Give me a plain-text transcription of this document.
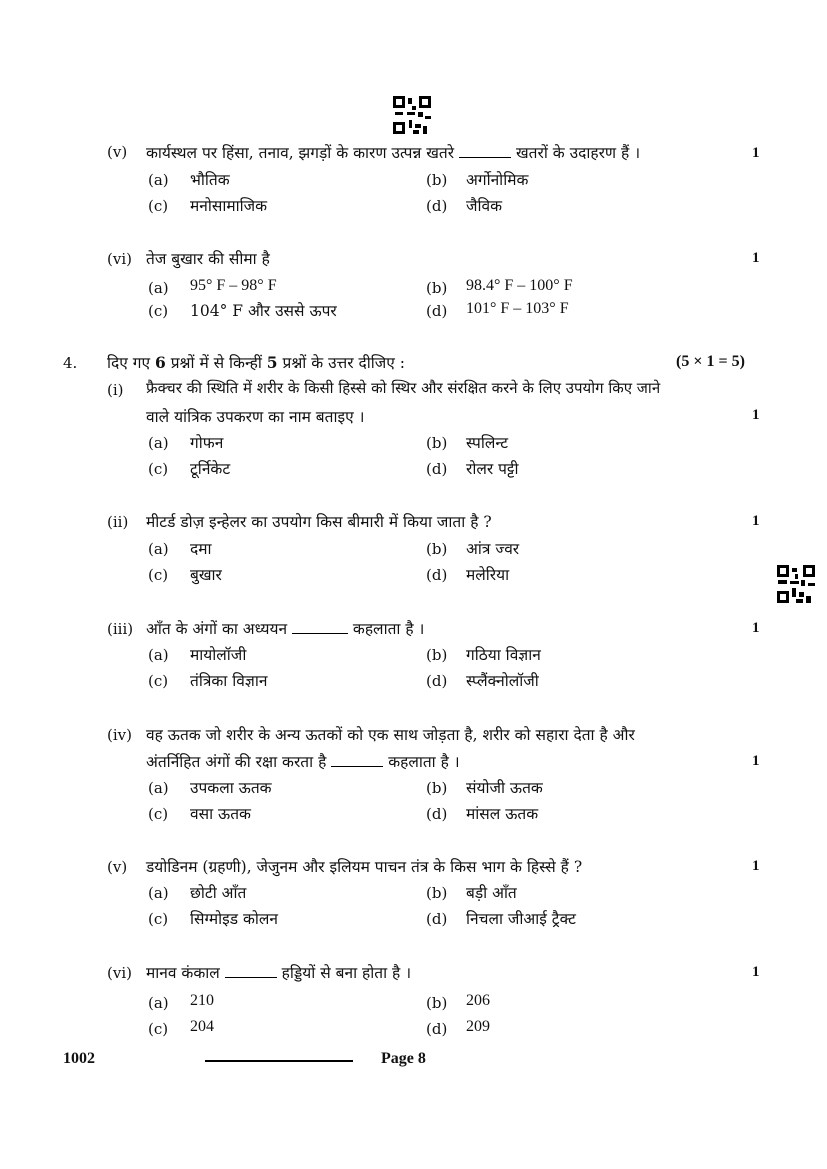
(v) कार्यस्थल पर हिंसा, तनाव, झगड़ों के कारण उत्पन्न खतरे	खतरों के उदाहरण हैं ।	1
(a) भौतिक	(b) अर्गोनोमिक
(c) मनोसामाजिक	(d) जैविक
(vi) तेज बुखार की सीमा है	1
(a) 95° F – 98° F	(b) 98.4° F – 100° F
(c) 104° F और उससे ऊपर	(d) 101° F – 103° F
4. दिए गए 6 प्रश्नों में से किन्हीं 5 प्रश्नों के उत्तर दीजिए :	(5 × 1 = 5)
(i) फ्रैक्चर की स्थिति में शरीर के किसी हिस्से को स्थिर और संरक्षित करने के लिए उपयोग किए जाने
वाले यांत्रिक उपकरण का नाम बताइए ।	1
(a) गोफन	(b) स्पलिन्ट
(c) टूर्निकेट	(d) रोलर पट्टी
(ii) मीटर्ड डोज़ इन्हेलर का उपयोग किस बीमारी में किया जाता है ?	1
(a) दमा	(b) आंत्र ज्वर
(c) बुखार	(d) मलेरिया
(iii) आँत के अंगों का अध्ययन	कहलाता है ।	1
(a) मायोलॉजी	(b) गठिया विज्ञान
(c) तंत्रिका विज्ञान	(d) स्प्लैंक्नोलॉजी
(iv) वह ऊतक जो शरीर के अन्य ऊतकों को एक साथ जोड़ता है, शरीर को सहारा देता है और
अंतर्निहित अंगों की रक्षा करता है	कहलाता है ।	1
(a) उपकला ऊतक	(b) संयोजी ऊतक
(c) वसा ऊतक	(d) मांसल ऊतक
(v) डयोडिनम (ग्रहणी), जेजुनम और इलियम पाचन तंत्र के किस भाग के हिस्से हैं ?	1
(a) छोटी आँत	(b) बड़ी आँत
(c) सिग्मोइड कोलन	(d) निचला जीआई ट्रैक्ट
(vi) मानव कंकाल	हड्डियों से बना होता है ।	1
(a) 210	(b) 206
(c) 204	(d) 209
1002	Page 8
